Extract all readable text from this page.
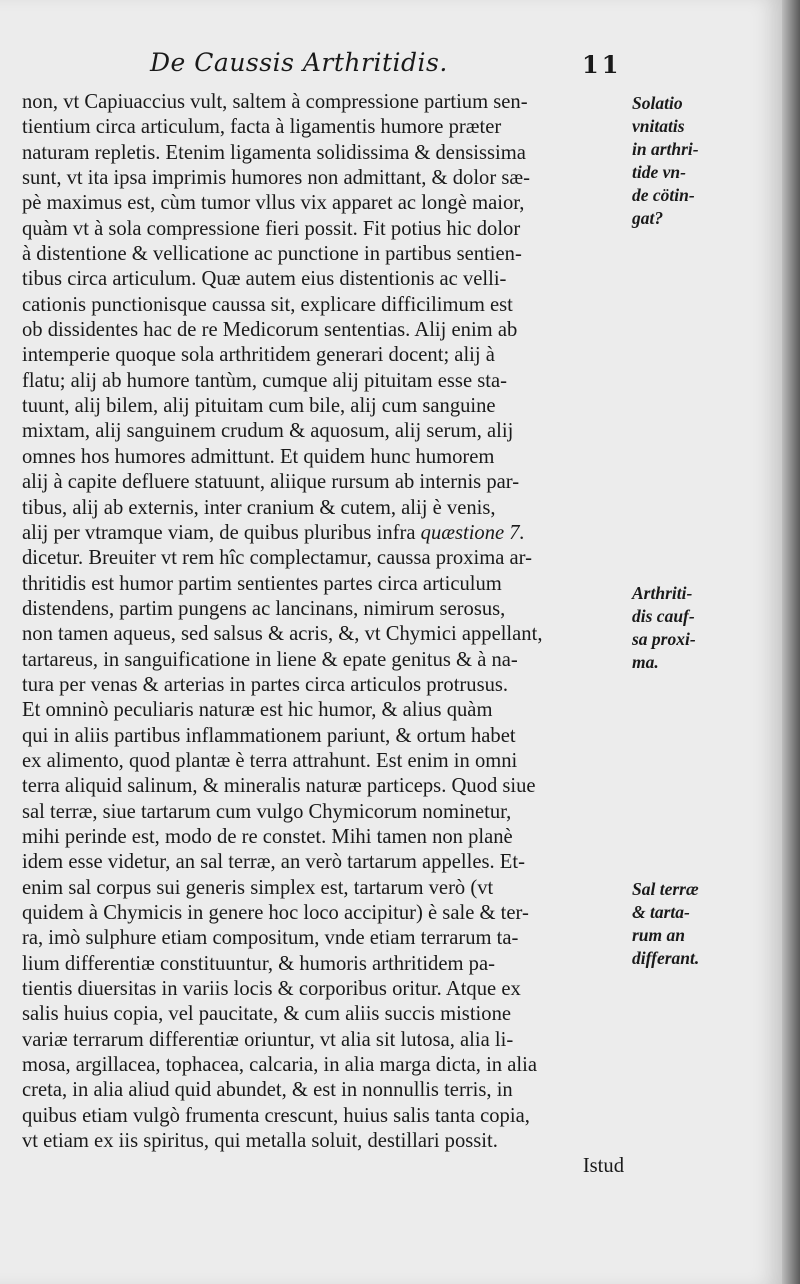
De Caussis Arthritidis.	11
non, vt Capiuaccius vult, saltem à compressione partium sen-
tientium circa articulum, facta à ligamentis humore præter
naturam repletis. Etenim ligamenta solidissima & densissima
sunt, vt ita ipsa imprimis humores non admittant, & dolor sæ-
pè maximus est, cùm tumor vllus vix apparet ac longè maior,
quàm vt à sola compressione fieri possit. Fit potius hic dolor
à distentione & vellicatione ac punctione in partibus sentien-
tibus circa articulum. Quæ autem eius distentionis ac velli-
cationis punctionisque caussa sit, explicare difficilimum est
ob dissidentes hac de re Medicorum sententias. Alij enim ab
intemperie quoque sola arthritidem generari docent; alij à
flatu; alij ab humore tantùm, cumque alij pituitam esse sta-
tuunt, alij bilem, alij pituitam cum bile, alij cum sanguine
mixtam, alij sanguinem crudum & aquosum, alij serum, alij
omnes hos humores admittunt. Et quidem hunc humorem
alij à capite defluere statuunt, aliique rursum ab internis par-
tibus, alij ab externis, inter cranium & cutem, alij è venis,
alij per vtramque viam, de quibus pluribus infra quæstione 7.
dicetur. Breuiter vt rem hîc complectamur, caussa proxima ar-
thritidis est humor partim sentientes partes circa articulum
distendens, partim pungens ac lancinans, nimirum serosus,
non tamen aqueus, sed salsus & acris, &, vt Chymici appellant,
tartareus, in sanguificatione in liene & epate genitus & à na-
tura per venas & arterias in partes circa articulos protrusus.
Et omninò peculiaris naturæ est hic humor, & alius quàm
qui in aliis partibus inflammationem pariunt, & ortum habet
ex alimento, quod plantæ è terra attrahunt. Est enim in omni
terra aliquid salinum, & mineralis naturæ particeps. Quod siue
sal terræ, siue tartarum cum vulgo Chymicorum nominetur,
mihi perinde est, modo de re constet. Mihi tamen non planè
idem esse videtur, an sal terræ, an verò tartarum appelles. Et-
enim sal corpus sui generis simplex est, tartarum verò (vt
quidem à Chymicis in genere hoc loco accipitur) è sale & ter-
ra, imò sulphure etiam compositum, vnde etiam terrarum ta-
lium differentiæ constituuntur, & humoris arthritidem pa-
tientis diuersitas in variis locis & corporibus oritur. Atque ex
salis huius copia, vel paucitate, & cum aliis succis mistione
variæ terrarum differentiæ oriuntur, vt alia sit lutosa, alia li-
mosa, argillacea, tophacea, calcaria, in alia marga dicta, in alia
creta, in alia aliud quid abundet, & est in nonnullis terris, in
quibus etiam vulgò frumenta crescunt, huius salis tanta copia,
vt etiam ex iis spiritus, qui metalla soluit, destillari possit.
Istud
Solatio
vnitatis
in arthri-
tide vn-
de cötin-
gat?
Arthriti-
dis cauf-
sa proxi-
ma.
Sal terræ
& tarta-
rum an
differant.
